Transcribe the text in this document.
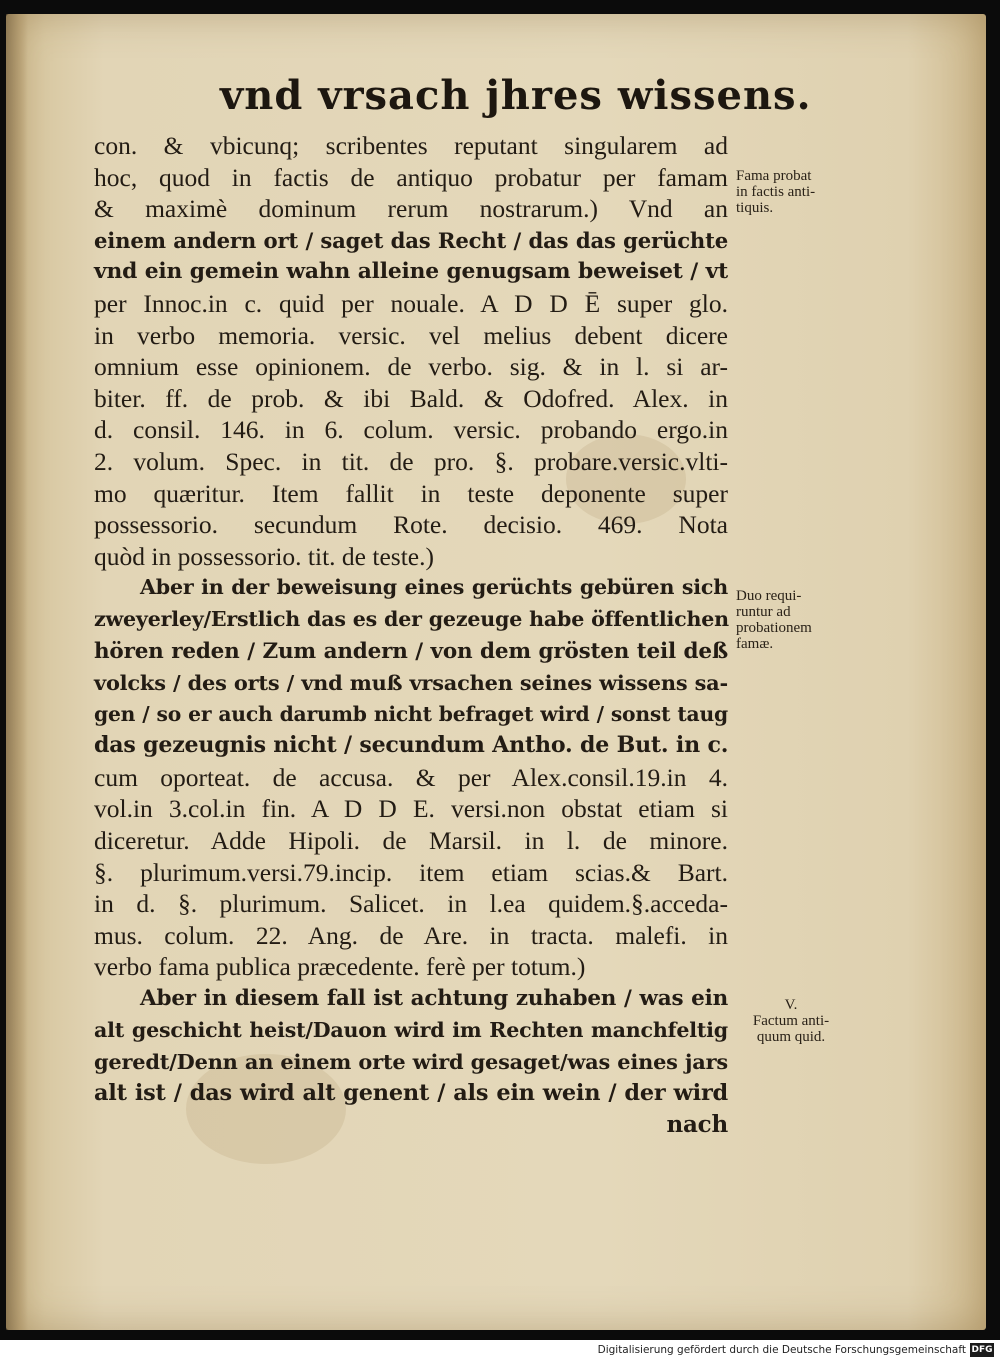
vnd vrsach jhres wissens.
con. & vbicunq; scribentes reputant singularem ad
hoc, quod in factis de antiquo probatur per famam
& maximè dominum rerum nostrarum.) Vnd an
einem andern ort / saget das Recht / das das gerüchte
vnd ein gemein wahn alleine genugsam beweiset / vt
per Innoc.in c. quid per nouale. A D D Ē super glo.
in verbo memoria. versic. vel melius debent dicere
omnium esse opinionem. de verbo. sig. & in l. si ar-
biter. ff. de prob. & ibi Bald. & Odofred. Alex. in
d. consil. 146. in 6. colum. versic. probando ergo.in
2. volum. Spec. in tit. de pro. §. probare.versic.vlti-
mo quæritur. Item fallit in teste deponente super
possessorio. secundum Rote. decisio. 469. Nota
quòd in possessorio. tit. de teste.)
Aber in der beweisung eines gerüchts gebüren sich
zweyerley/Erstlich das es der gezeuge habe öffentlichen
hören reden / Zum andern / von dem grösten teil deß
volcks / des orts / vnd muß vrsachen seines wissens sa-
gen / so er auch darumb nicht befraget wird / sonst taug
das gezeugnis nicht / secundum Antho. de But. in c.
cum oporteat. de accusa. & per Alex.consil.19.in 4.
vol.in 3.col.in fin. A D D E. versi.non obstat etiam si
diceretur. Adde Hipoli. de Marsil. in l. de minore.
§. plurimum.versi.79.incip. item etiam scias.& Bart.
in d. §. plurimum. Salicet. in l.ea quidem.§.acceda-
mus. colum. 22. Ang. de Are. in tracta. malefi. in
verbo fama publica præcedente. ferè per totum.)
Aber in diesem fall ist achtung zuhaben / was ein
alt geschicht heist/Dauon wird im Rechten manchfeltig
geredt/Denn an einem orte wird gesaget/was eines jars
alt ist / das wird alt genent / als ein wein / der wird
nach
Fama probat
in factis anti-
tiquis.
Duo requi-
runtur ad
probationem
famæ.
V.
Factum anti-
quum quid.
Digitalisierung gefördert durch die Deutsche Forschungsgemeinschaft DFG
